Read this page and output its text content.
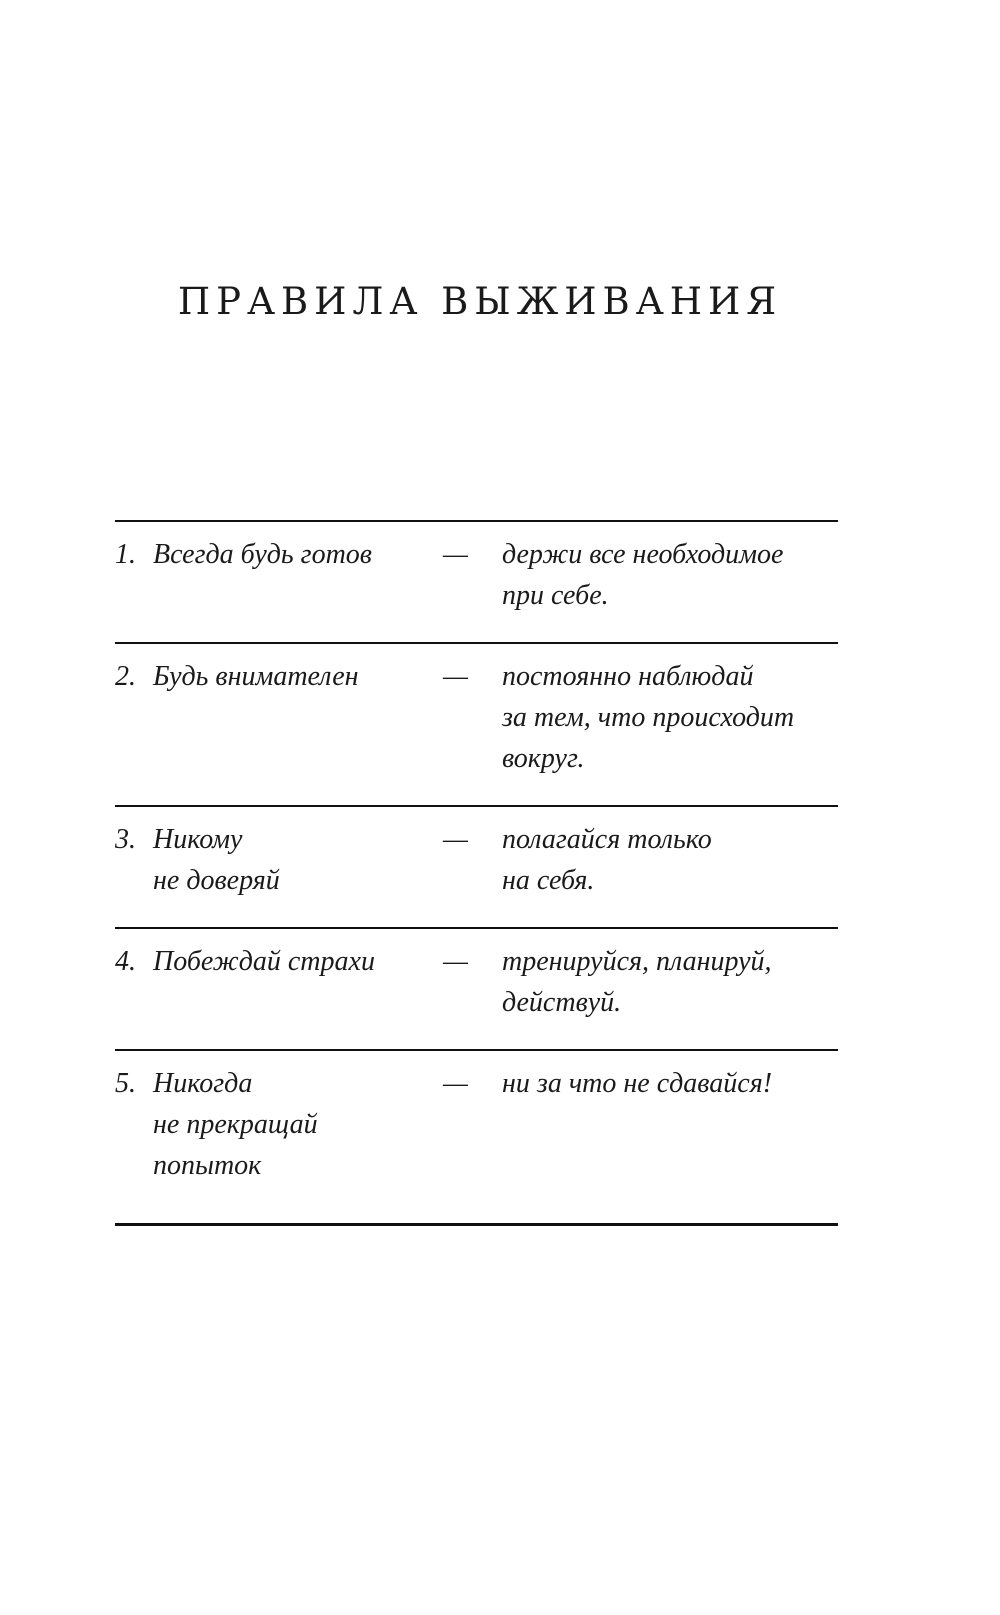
ПРАВИЛА ВЫЖИВАНИЯ
1. Всегда будь готов	—	держи все необходимое
при себе.
2. Будь внимателен	—	постоянно наблюдай
за тем, что происходит
вокруг.
3. Никому
не доверяй
—	полагайся только
на себя.
4. Побеждай страхи	—	тренируйся, планируй,
действуй.
5. Никогда
не прекращай
попыток
—	ни за что не сдавайся!
